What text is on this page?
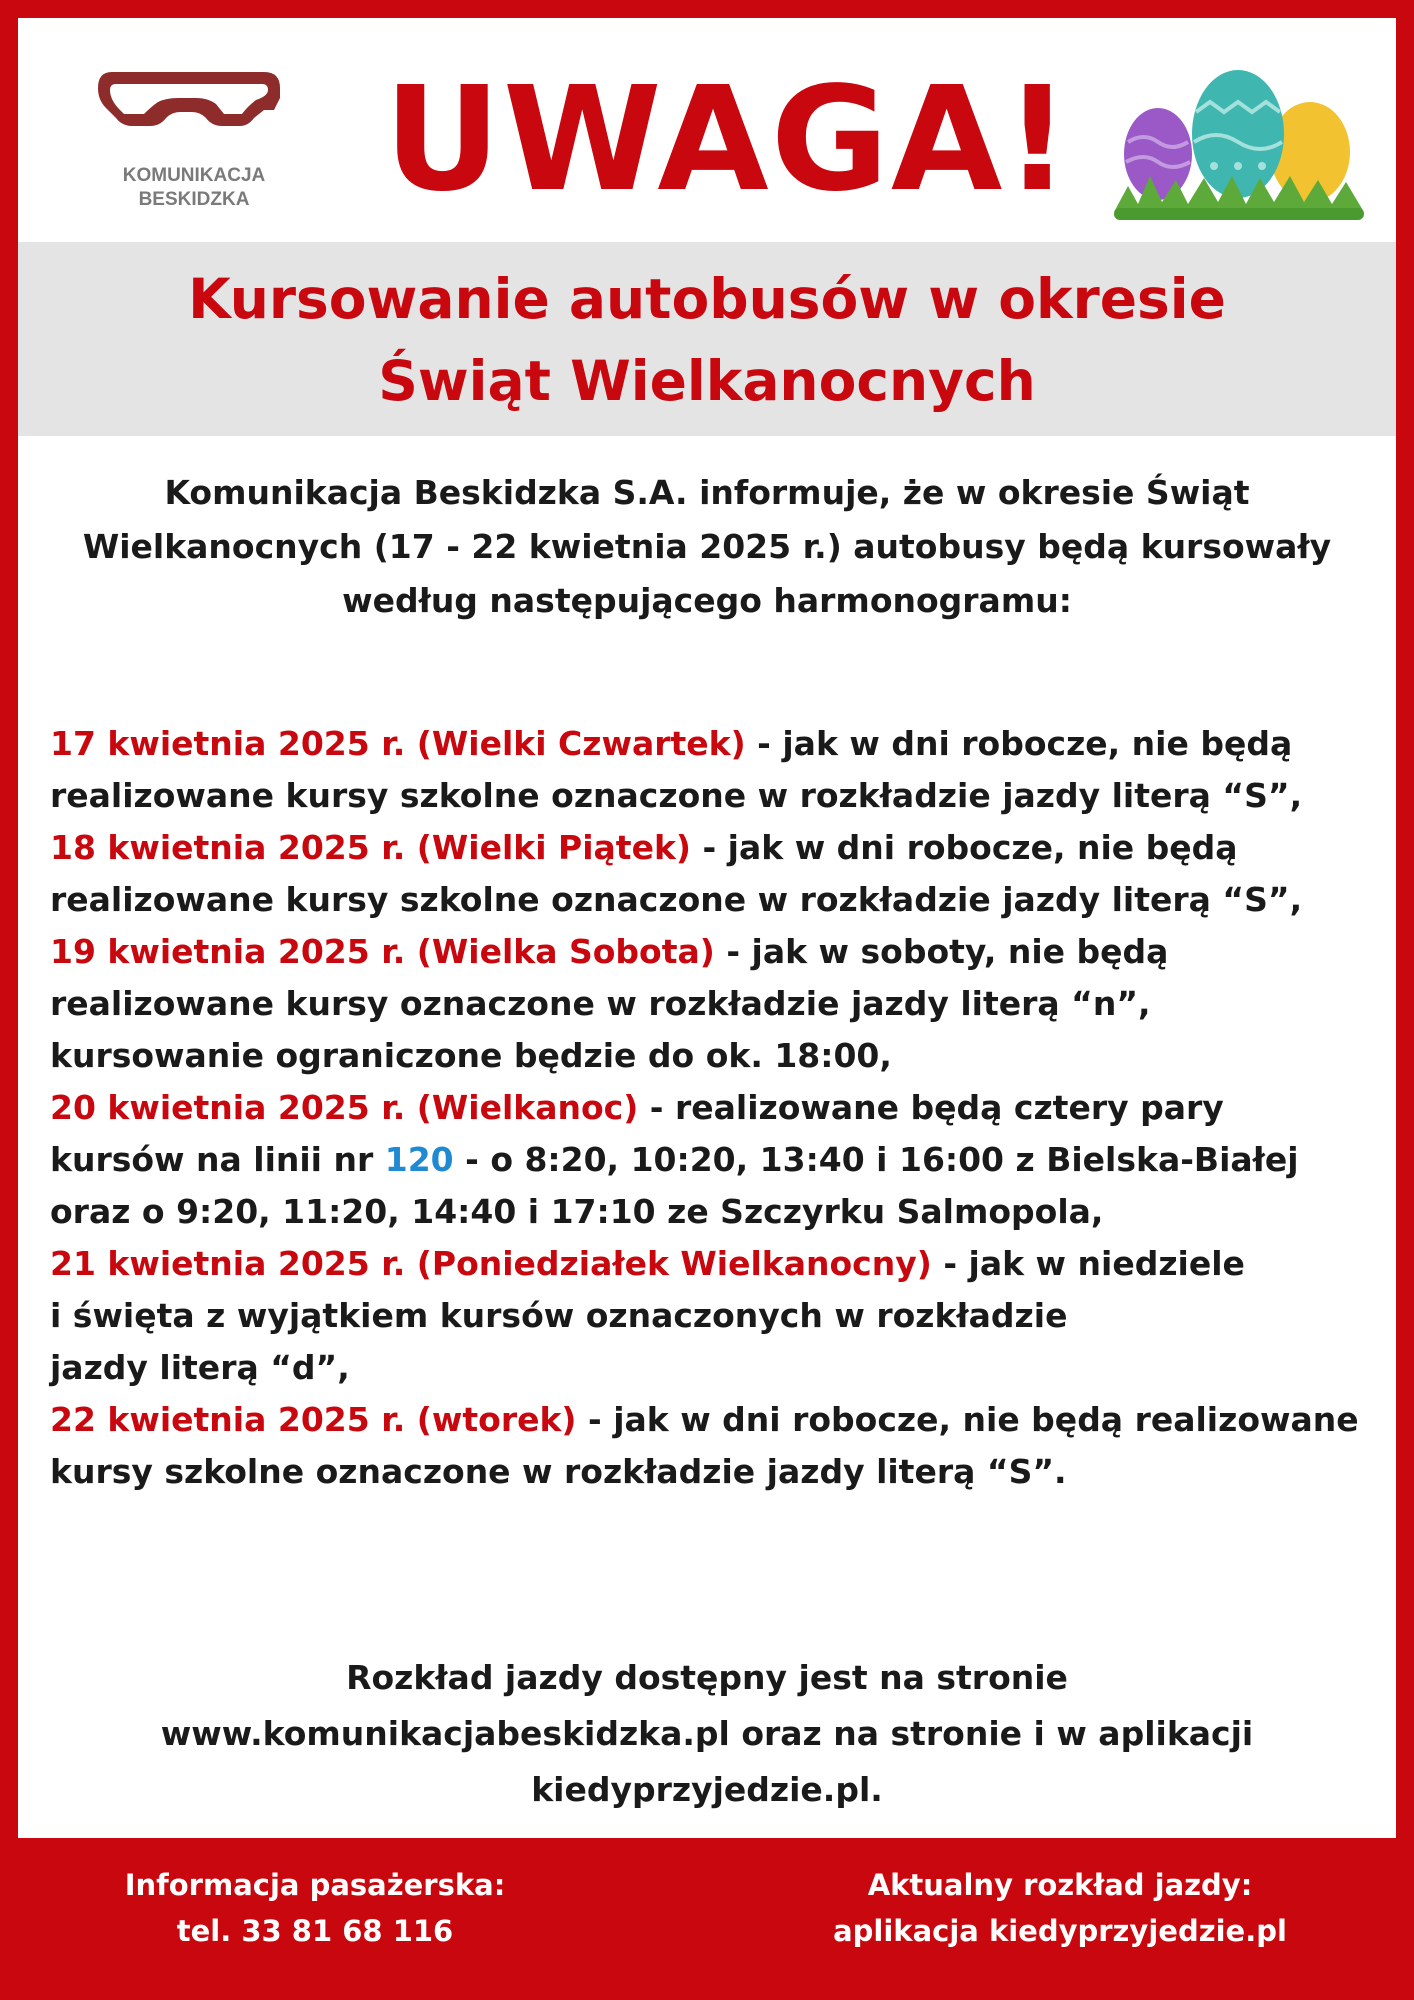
KOMUNIKACJA
BESKIDZKA UWAGA!
Kursowanie autobusów w okresie
Świąt Wielkanocnych
Komunikacja Beskidzka S.A. informuje, że w okresie Świąt
Wielkanocnych (17 - 22 kwietnia 2025 r.) autobusy będą kursowały
według następującego harmonogramu:

17 kwietnia 2025 r. (Wielki Czwartek) - jak w dni robocze, nie będą
realizowane kursy szkolne oznaczone w rozkładzie jazdy literą “S”,

18 kwietnia 2025 r. (Wielki Piątek) - jak w dni robocze, nie będą
realizowane kursy szkolne oznaczone w rozkładzie jazdy literą “S”,

19 kwietnia 2025 r. (Wielka Sobota) - jak w soboty, nie będą
realizowane kursy oznaczone w rozkładzie jazdy literą “n”,
kursowanie ograniczone będzie do ok. 18:00,

20 kwietnia 2025 r. (Wielkanoc) - realizowane będą cztery pary
kursów na linii nr 120 - o 8:20, 10:20, 13:40 i 16:00 z Bielska-Białej
oraz o 9:20, 11:20, 14:40 i 17:10 ze Szczyrku Salmopola,

21 kwietnia 2025 r. (Poniedziałek Wielkanocny) - jak w niedziele
i święta z wyjątkiem kursów oznaczonych w rozkładzie
jazdy literą “d”,

22 kwietnia 2025 r. (wtorek) - jak w dni robocze, nie będą realizowane
kursy szkolne oznaczone w rozkładzie jazdy literą “S”.

Rozkład jazdy dostępny jest na stronie
www.komunikacjabeskidzka.pl oraz na stronie i w aplikacji
kiedyprzyjedzie.pl.
Informacja pasażerska:
tel. 33 81 68 116
Aktualny rozkład jazdy:
aplikacja kiedyprzyjedzie.pl
